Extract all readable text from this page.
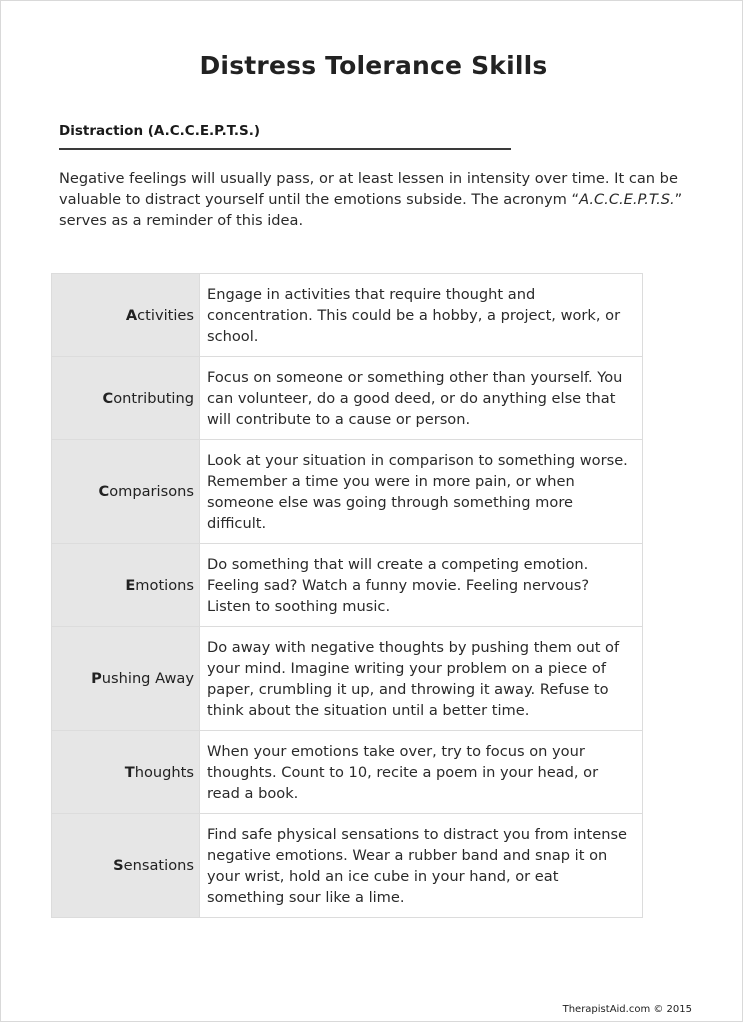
Distress Tolerance Skills
Distraction (A.C.C.E.P.T.S.)
Negative feelings will usually pass, or at least lessen in intensity over time. It can be valuable to distract yourself until the emotions subside. The acronym “A.C.C.E.P.T.S.” serves as a reminder of this idea.
Activities	Engage in activities that require thought and concentration. This could be a hobby, a project, work, or school.
Contributing	Focus on someone or something other than yourself. You can volunteer, do a good deed, or do anything else that will contribute to a cause or person.
Comparisons	Look at your situation in comparison to something worse. Remember a time you were in more pain, or when someone else was going through something more difficult.
Emotions	Do something that will create a competing emotion. Feeling sad? Watch a funny movie. Feeling nervous? Listen to soothing music.
Pushing Away	Do away with negative thoughts by pushing them out of your mind. Imagine writing your problem on a piece of paper, crumbling it up, and throwing it away. Refuse to think about the situation until a better time.
Thoughts	When your emotions take over, try to focus on your thoughts. Count to 10, recite a poem in your head, or read a book.
Sensations	Find safe physical sensations to distract you from intense negative emotions. Wear a rubber band and snap it on your wrist, hold an ice cube in your hand, or eat something sour like a lime.
TherapistAid.com © 2015
